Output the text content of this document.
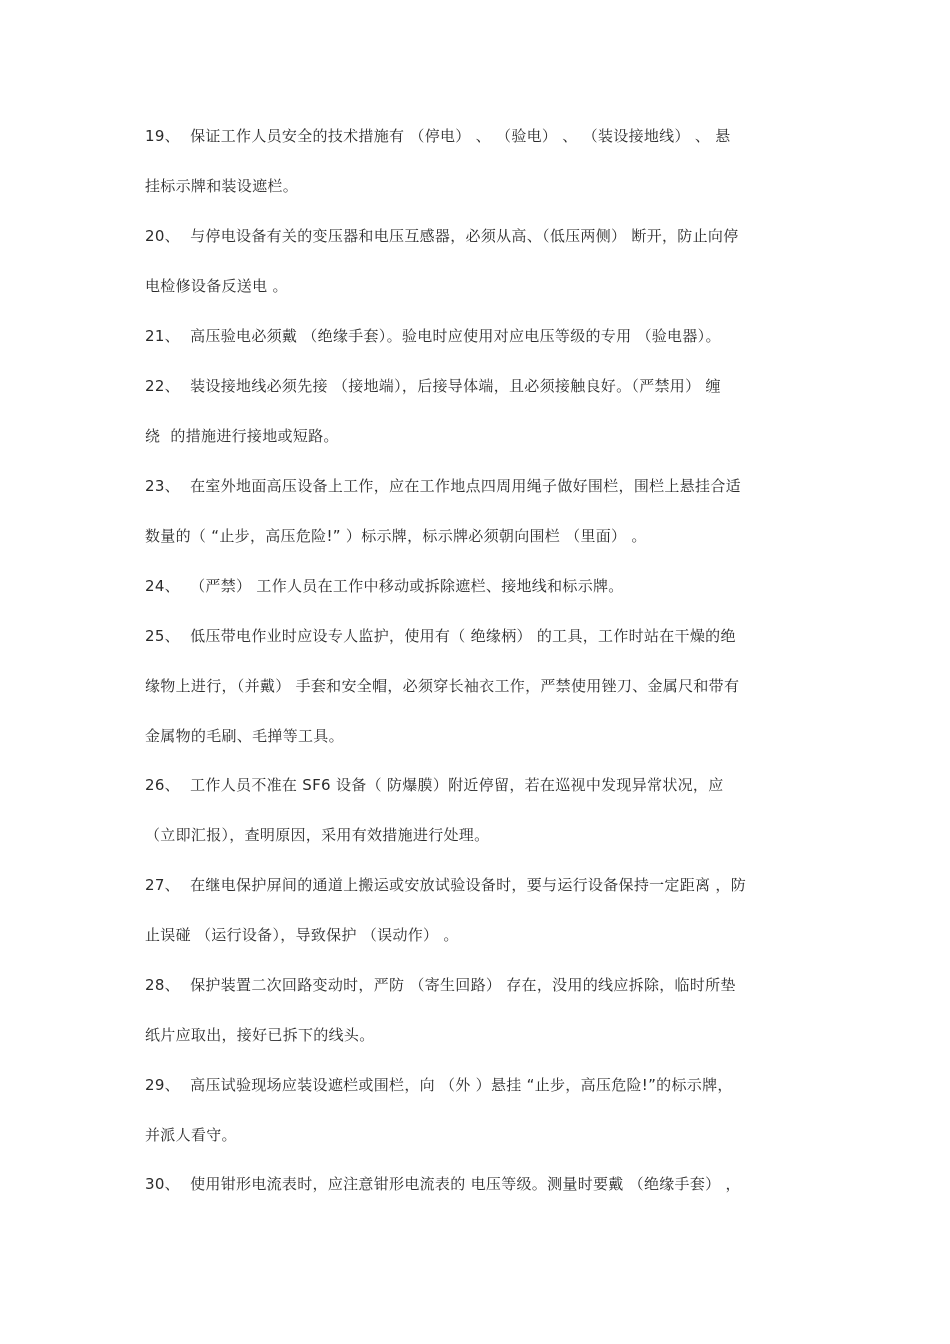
19、  保证工作人员安全的技术措施有 （停电） 、 （验电） 、 （装设接地线） 、 悬
挂标示牌和装设遮栏。
20、  与停电设备有关的变压器和电压互感器，必须从高、（低压两侧） 断开，防止向停
电检修设备反送电 。
21、  高压验电必须戴 （绝缘手套）。验电时应使用对应电压等级的专用 （验电器）。
22、  装设接地线必须先接 （接地端），后接导体端，且必须接触良好。（严禁用） 缠
绕  的措施进行接地或短路。
23、  在室外地面高压设备上工作，应在工作地点四周用绳子做好围栏，围栏上悬挂合适
数量的（ “止步，高压危险!” ）标示牌，标示牌必须朝向围栏 （里面） 。
24、  （严禁） 工作人员在工作中移动或拆除遮栏、接地线和标示牌。
25、  低压带电作业时应设专人监护，使用有（ 绝缘柄） 的工具，工作时站在干燥的绝
缘物上进行，（并戴） 手套和安全帽，必须穿长袖衣工作，严禁使用锉刀、金属尺和带有
金属物的毛刷、毛掸等工具。
26、  工作人员不准在 SF6 设备（ 防爆膜）附近停留，若在巡视中发现异常状况，应
（立即汇报），查明原因，采用有效措施进行处理。
27、  在继电保护屏间的通道上搬运或安放试验设备时，要与运行设备保持一定距离 ，防
止误碰 （运行设备），导致保护 （误动作） 。
28、  保护装置二次回路变动时，严防 （寄生回路） 存在，没用的线应拆除，临时所垫
纸片应取出，接好已拆下的线头。
29、  高压试验现场应装设遮栏或围栏，向 （外 ）悬挂 “止步，高压危险!”的标示牌，
并派人看守。
30、  使用钳形电流表时，应注意钳形电流表的 电压等级。测量时要戴 （绝缘手套） ，
